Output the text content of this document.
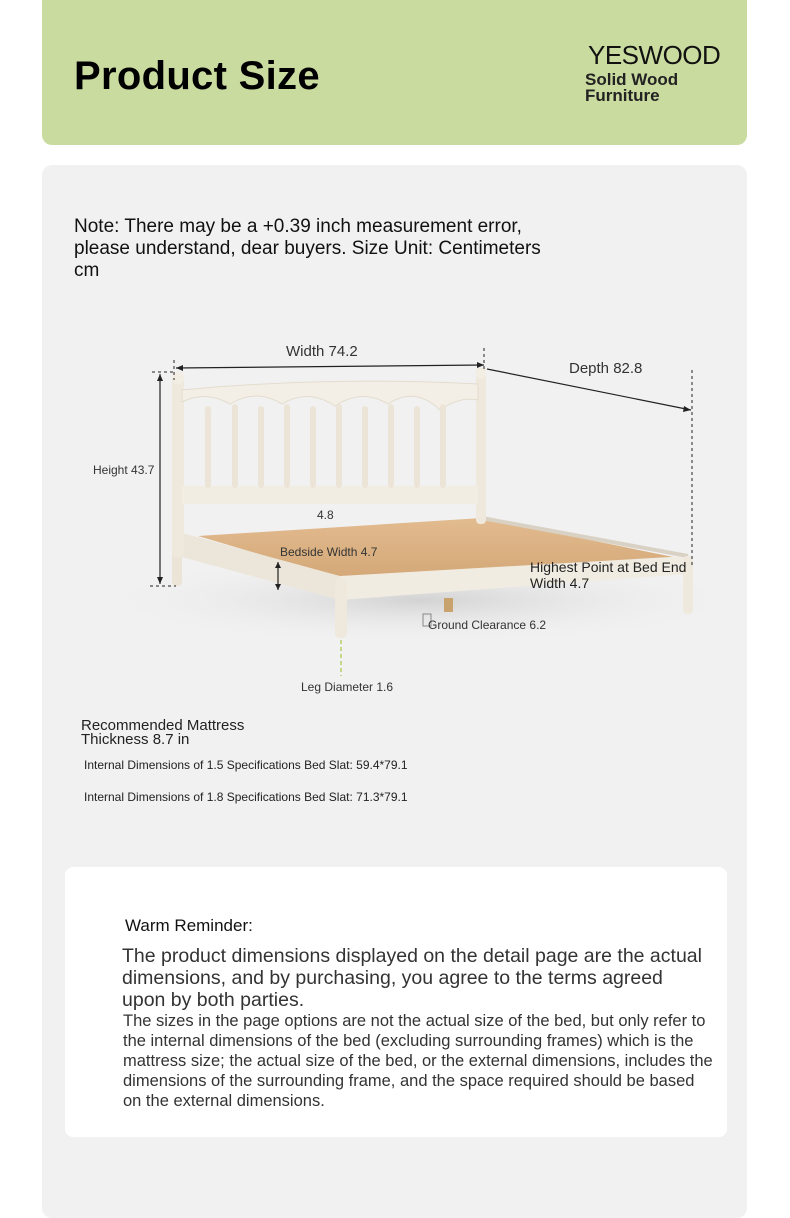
Product Size	YESWOOD
Solid Wood Furniture
Note: There may be a +0.39 inch measurement error, please understand, dear buyers. Size Unit: Centimeters cm
Width 74.2
Depth 82.8
Height 43.7
4.8
Bedside Width 4.7
Highest Point at Bed End Width 4.7
Ground Clearance 6.2
Leg Diameter 1.6
Recommended Mattress Thickness 8.7 in
Internal Dimensions of 1.5 Specifications Bed Slat: 59.4*79.1
Internal Dimensions of 1.8 Specifications Bed Slat: 71.3*79.1
Warm Reminder:
The product dimensions displayed on the detail page are the actual dimensions, and by purchasing, you agree to the terms agreed upon by both parties.
The sizes in the page options are not the actual size of the bed, but only refer to the internal dimensions of the bed (excluding surrounding frames) which is the mattress size; the actual size of the bed, or the external dimensions, includes the dimensions of the surrounding frame, and the space required should be based on the external dimensions.
